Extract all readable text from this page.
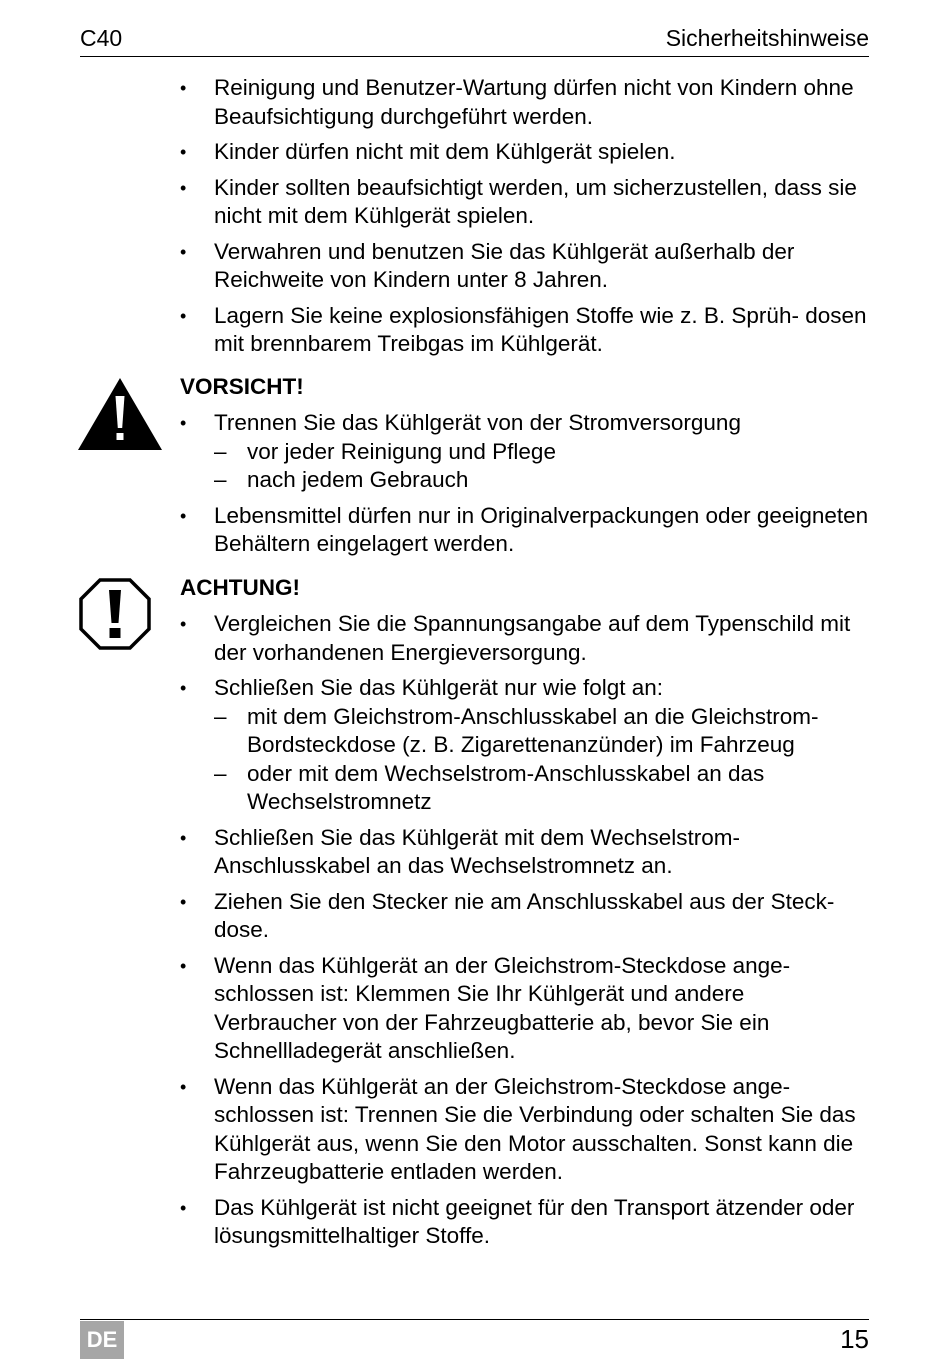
C40	Sicherheitshinweise
•	Reinigung und Benutzer-Wartung dürfen nicht von Kindern ohne Beaufsichtigung durchgeführt werden.
•	Kinder dürfen nicht mit dem Kühlgerät spielen.
•	Kinder sollten beaufsichtigt werden, um sicherzustellen, dass sie nicht mit dem Kühlgerät spielen.
•	Verwahren und benutzen Sie das Kühlgerät außerhalb der Reichweite von Kindern unter 8 Jahren.
•	Lagern Sie keine explosionsfähigen Stoffe wie z. B. Sprüh- dosen mit brennbarem Treibgas im Kühlgerät.
VORSICHT!
•	Trennen Sie das Kühlgerät von der Stromversorgung
– vor jeder Reinigung und Pflege
– nach jedem Gebrauch
•	Lebensmittel dürfen nur in Originalverpackungen oder geeigneten Behältern eingelagert werden.
ACHTUNG!
•	Vergleichen Sie die Spannungsangabe auf dem Typenschild mit der vorhandenen Energieversorgung.
•	Schließen Sie das Kühlgerät nur wie folgt an:
– mit dem Gleichstrom-Anschlusskabel an die Gleichstrom- Bordsteckdose (z. B. Zigarettenanzünder) im Fahrzeug
– oder mit dem Wechselstrom-Anschlusskabel an das Wechselstromnetz
•	Schließen Sie das Kühlgerät mit dem Wechselstrom- Anschlusskabel an das Wechselstromnetz an.
•	Ziehen Sie den Stecker nie am Anschlusskabel aus der Steck- dose.
•	Wenn das Kühlgerät an der Gleichstrom-Steckdose ange- schlossen ist: Klemmen Sie Ihr Kühlgerät und andere Verbraucher von der Fahrzeugbatterie ab, bevor Sie ein Schnellladegerät anschließen.
•	Wenn das Kühlgerät an der Gleichstrom-Steckdose ange- schlossen ist: Trennen Sie die Verbindung oder schalten Sie das Kühlgerät aus, wenn Sie den Motor ausschalten. Sonst kann die Fahrzeugbatterie entladen werden.
•	Das Kühlgerät ist nicht geeignet für den Transport ätzender oder lösungsmittelhaltiger Stoffe.
DE	15
